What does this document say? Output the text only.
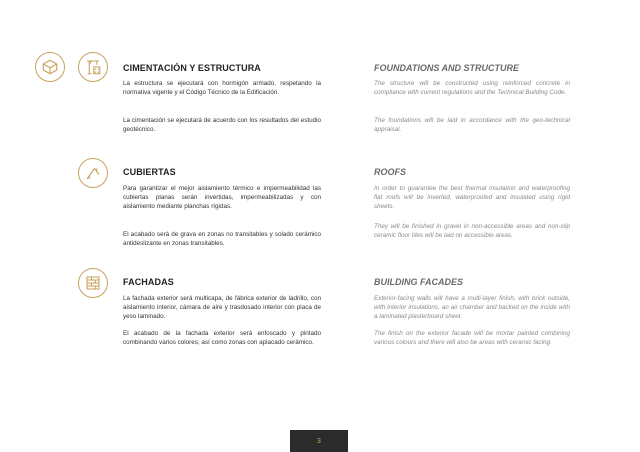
CIMENTACIÓN Y ESTRUCTURA

La estructura se ejecutará con hormigón armado, respetando la normativa vigente y el Código Técnico de la Edificación.

La cimentación se ejecutará de acuerdo con los resultados del estudio geotécnico.

FOUNDATIONS AND STRUCTURE

The structure will be constructed using reinforced concrete in compliance with current regulations and the Technical Building Code.

The foundations will be laid in accordance with the geo-technical appraisal.

CUBIERTAS

Para garantizar el mejor aislamiento térmico e impermeabilidad las cubiertas planas serán invertidas, impermeabilizadas y con aislamiento mediante planchas rígidas.

El acabado será de grava en zonas no transitables y solado cerámico antideslizante en zonas transitables.

ROOFS

In order to guarantee the best thermal insulation and waterproofing flat roofs will be inverted, waterproofed and insulated using rigid sheets.

They will be finished in gravel in non-accessible areas and non-slip ceramic floor tiles will be laid on accessible areas.

FACHADAS

La fachada exterior será multicapa, de fábrica exterior de ladrillo, con aislamiento interior, cámara de aire y trasdosado interior con placa de yeso laminado.

El acabado de la fachada exterior será enfoscado y pintado combinando varios colores; así como zonas con aplacado cerámico.

BUILDING FACADES

Exterior-facing walls will have a multi-layer finish, with brick outside, with interior insulations, an air chamber and backed on the inside with a laminated plasterboard sheet.

The finish on the exterior facade will be mortar painted combining various colours and there will also be areas with ceramic facing.

3
